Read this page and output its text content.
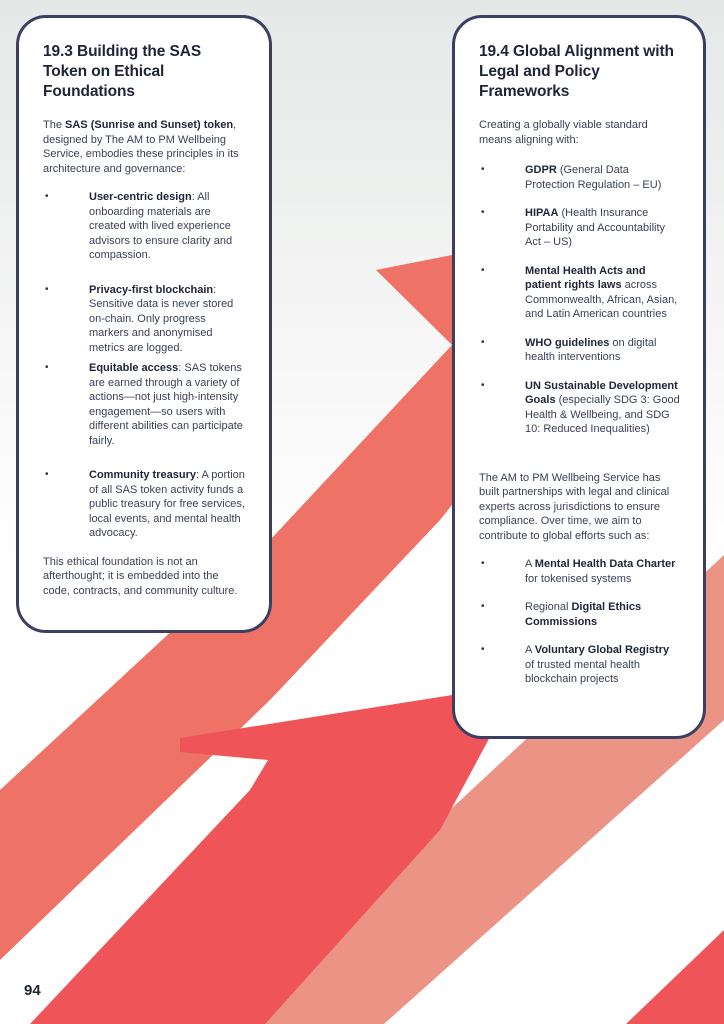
19.3 Building the SAS Token on Ethical Foundations

The SAS (Sunrise and Sunset) token, designed by The AM to PM Wellbeing Service, embodies these principles in its architecture and governance:

•	User-centric design: All onboarding materials are created with lived experience advisors to ensure clarity and compassion.
•	Privacy-first blockchain: Sensitive data is never stored on-chain. Only progress markers and anonymised metrics are logged.
•	Equitable access: SAS tokens are earned through a variety of actions—not just high-intensity engagement—so users with different abilities can participate fairly.
•	Community treasury: A portion of all SAS token activity funds a public treasury for free services, local events, and mental health advocacy.

This ethical foundation is not an afterthought; it is embedded into the code, contracts, and community culture.

19.4 Global Alignment with Legal and Policy Frameworks

Creating a globally viable standard means aligning with:

•	GDPR (General Data Protection Regulation – EU)
•	HIPAA (Health Insurance Portability and Accountability Act – US)
•	Mental Health Acts and patient rights laws across Commonwealth, African, Asian, and Latin American countries
•	WHO guidelines on digital health interventions
•	UN Sustainable Development Goals (especially SDG 3: Good Health & Wellbeing, and SDG 10: Reduced Inequalities)

The AM to PM Wellbeing Service has built partnerships with legal and clinical experts across jurisdictions to ensure compliance. Over time, we aim to contribute to global efforts such as:

•	A Mental Health Data Charter for tokenised systems
•	Regional Digital Ethics Commissions
•	A Voluntary Global Registry of trusted mental health blockchain projects
94
